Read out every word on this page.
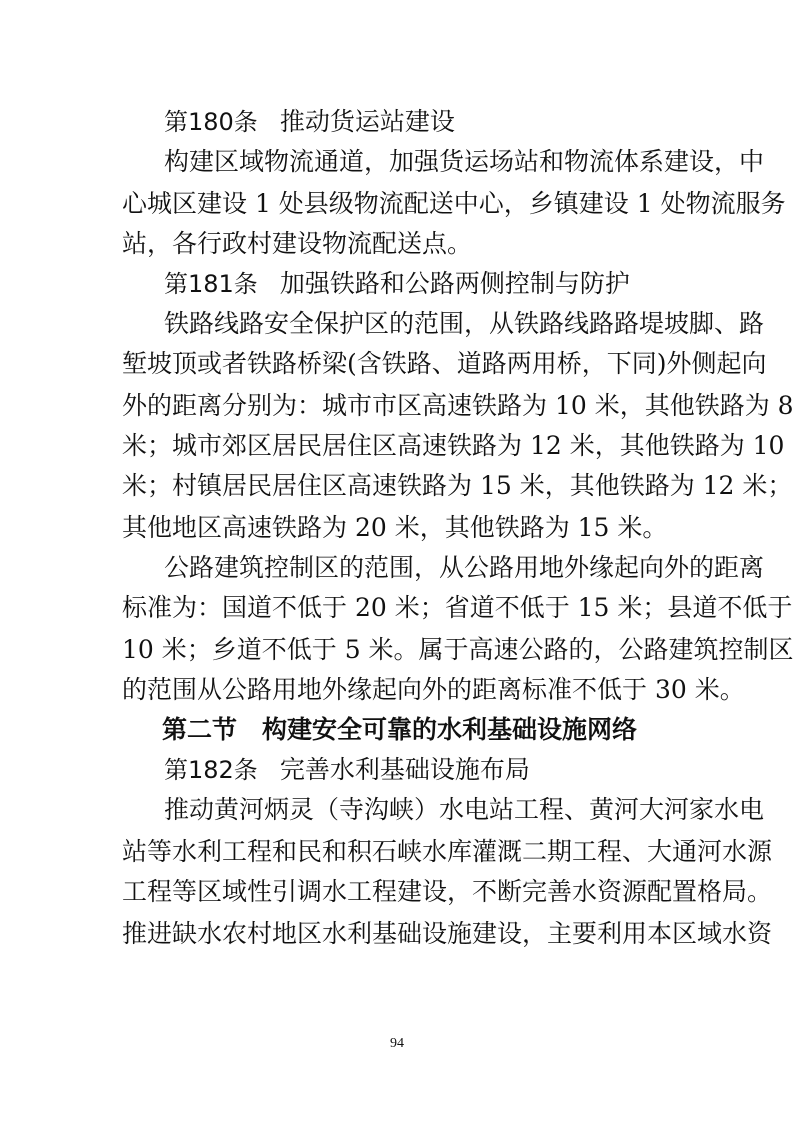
第180条 推动货运站建设
构建区域物流通道，加强货运场站和物流体系建设，中
心城区建设 1 处县级物流配送中心，乡镇建设 1 处物流服务
站，各行政村建设物流配送点。
第181条 加强铁路和公路两侧控制与防护
铁路线路安全保护区的范围，从铁路线路路堤坡脚、路
堑坡顶或者铁路桥梁(含铁路、道路两用桥，下同)外侧起向
外的距离分别为：城市市区高速铁路为 10 米，其他铁路为 8
米；城市郊区居民居住区高速铁路为 12 米，其他铁路为 10
米；村镇居民居住区高速铁路为 15 米，其他铁路为 12 米；
其他地区高速铁路为 20 米，其他铁路为 15 米。
公路建筑控制区的范围，从公路用地外缘起向外的距离
标准为：国道不低于 20 米；省道不低于 15 米；县道不低于
10 米；乡道不低于 5 米。属于高速公路的，公路建筑控制区
的范围从公路用地外缘起向外的距离标准不低于 30 米。
第二节　构建安全可靠的水利基础设施网络
第182条 完善水利基础设施布局
推动黄河炳灵（寺沟峡）水电站工程、黄河大河家水电
站等水利工程和民和积石峡水库灌溉二期工程、大通河水源
工程等区域性引调水工程建设，不断完善水资源配置格局。
推进缺水农村地区水利基础设施建设，主要利用本区域水资
94
